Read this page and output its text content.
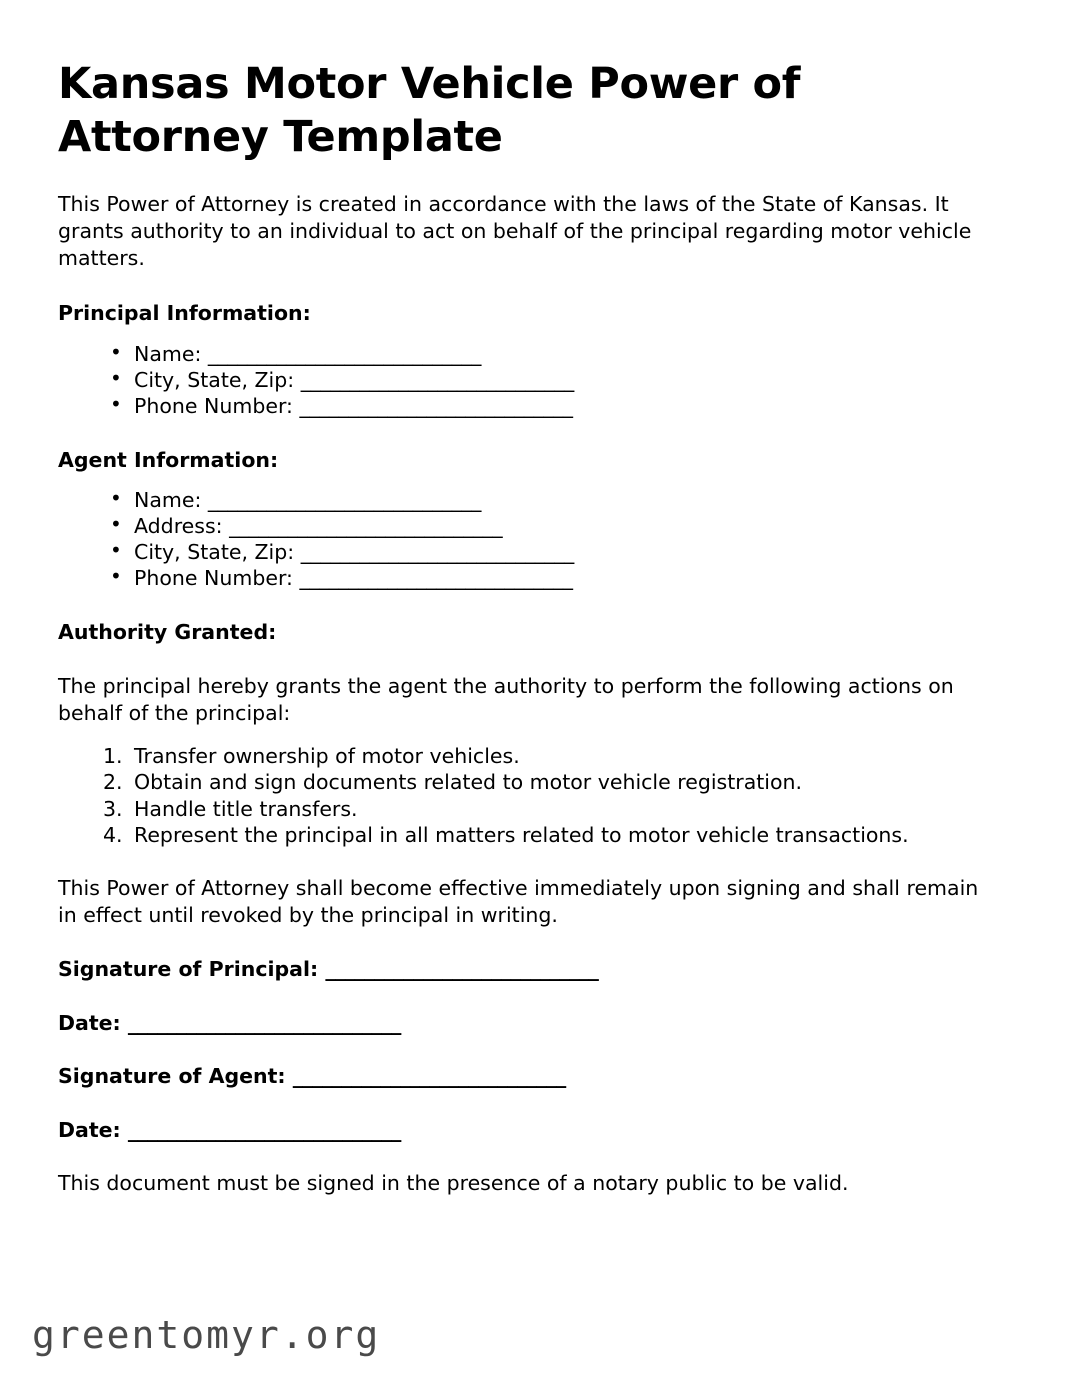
Kansas Motor Vehicle Power of Attorney Template

This Power of Attorney is created in accordance with the laws of the State of Kansas. It grants authority to an individual to act on behalf of the principal regarding motor vehicle matters.

Principal Information:
• Name: ____________________________
• City, State, Zip: ____________________________
• Phone Number: ____________________________
Agent Information:
• Name: ____________________________
• Address: ____________________________
• City, State, Zip: ____________________________
• Phone Number: ____________________________
Authority Granted:

The principal hereby grants the agent the authority to perform the following actions on behalf of the principal:

Transfer ownership of motor vehicles.
Obtain and sign documents related to motor vehicle registration.
Handle title transfers.
Represent the principal in all matters related to motor vehicle transactions.

This Power of Attorney shall become effective immediately upon signing and shall remain in effect until revoked by the principal in writing.

Signature of Principal: ____________________________
Date: ____________________________
Signature of Agent: ____________________________
Date: ____________________________

This document must be signed in the presence of a notary public to be valid.

greentomyr.org
